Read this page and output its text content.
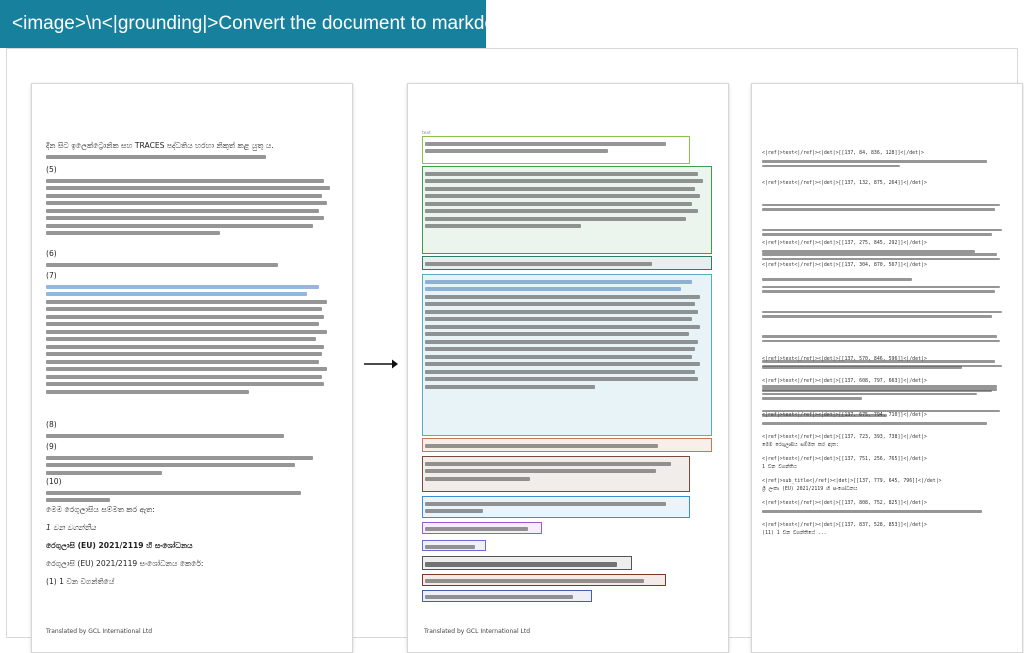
<image>\n<|grounding|>Convert the document to markdown.
දින සිට ඉලෙක්ට්‍රොනික සහ TRACES පද්ධතිය හරහා නිකුත් කළ යුතු ය.
(5)
(6)
(7)
(8)
(9)
(10)
මෙම රෙගුලාසිය සම්මත කර ඇත:
1 වන වගන්තිය
රෙගුලාසි (EU) 2021/2119 හි සංශෝධනය
රෙගුලාසි (EU) 2021/2119 සංශෝධනය කෙරේ:
(1) 1 වන වගන්තියේ
Translated by GCL International Ltd
text
Translated by GCL International Ltd
<|ref|>text<|/ref|><|det|>[[137, 84, 836, 128]]<|/det|>
<|ref|>text<|/ref|><|det|>[[137, 132, 875, 264]]<|/det|>

<|ref|>text<|/ref|><|det|>[[137, 275, 845, 292]]<|/det|>
<|ref|>text<|/ref|><|det|>[[137, 304, 870, 567]]<|/det|>

<|ref|>text<|/ref|><|det|>[[137, 570, 846, 596]]<|/det|>
<|ref|>text<|/ref|><|det|>[[137, 608, 797, 663]]<|/det|>
<|ref|>text<|/ref|><|det|>[[137, 675, 794, 710]]<|/det|>
<|ref|>text<|/ref|><|det|>[[137, 723, 393, 738]]<|/det|>
මෙම රෙගුලාසිය සම්මත කර ඇත:
<|ref|>text<|/ref|><|det|>[[137, 751, 256, 765]]<|/det|>
1 වන වගන්තිය
<|ref|>sub_title<|/ref|><|det|>[[137, 779, 645, 796]]<|/det|>
ශ්‍රී ලංකා (EU) 2021/2119 හි සංශෝධනය
<|ref|>text<|/ref|><|det|>[[137, 808, 752, 825]]<|/det|>
<|ref|>text<|/ref|><|det|>[[137, 837, 528, 853]]<|/det|>
(11) 1 වන වගන්තියේ ...
